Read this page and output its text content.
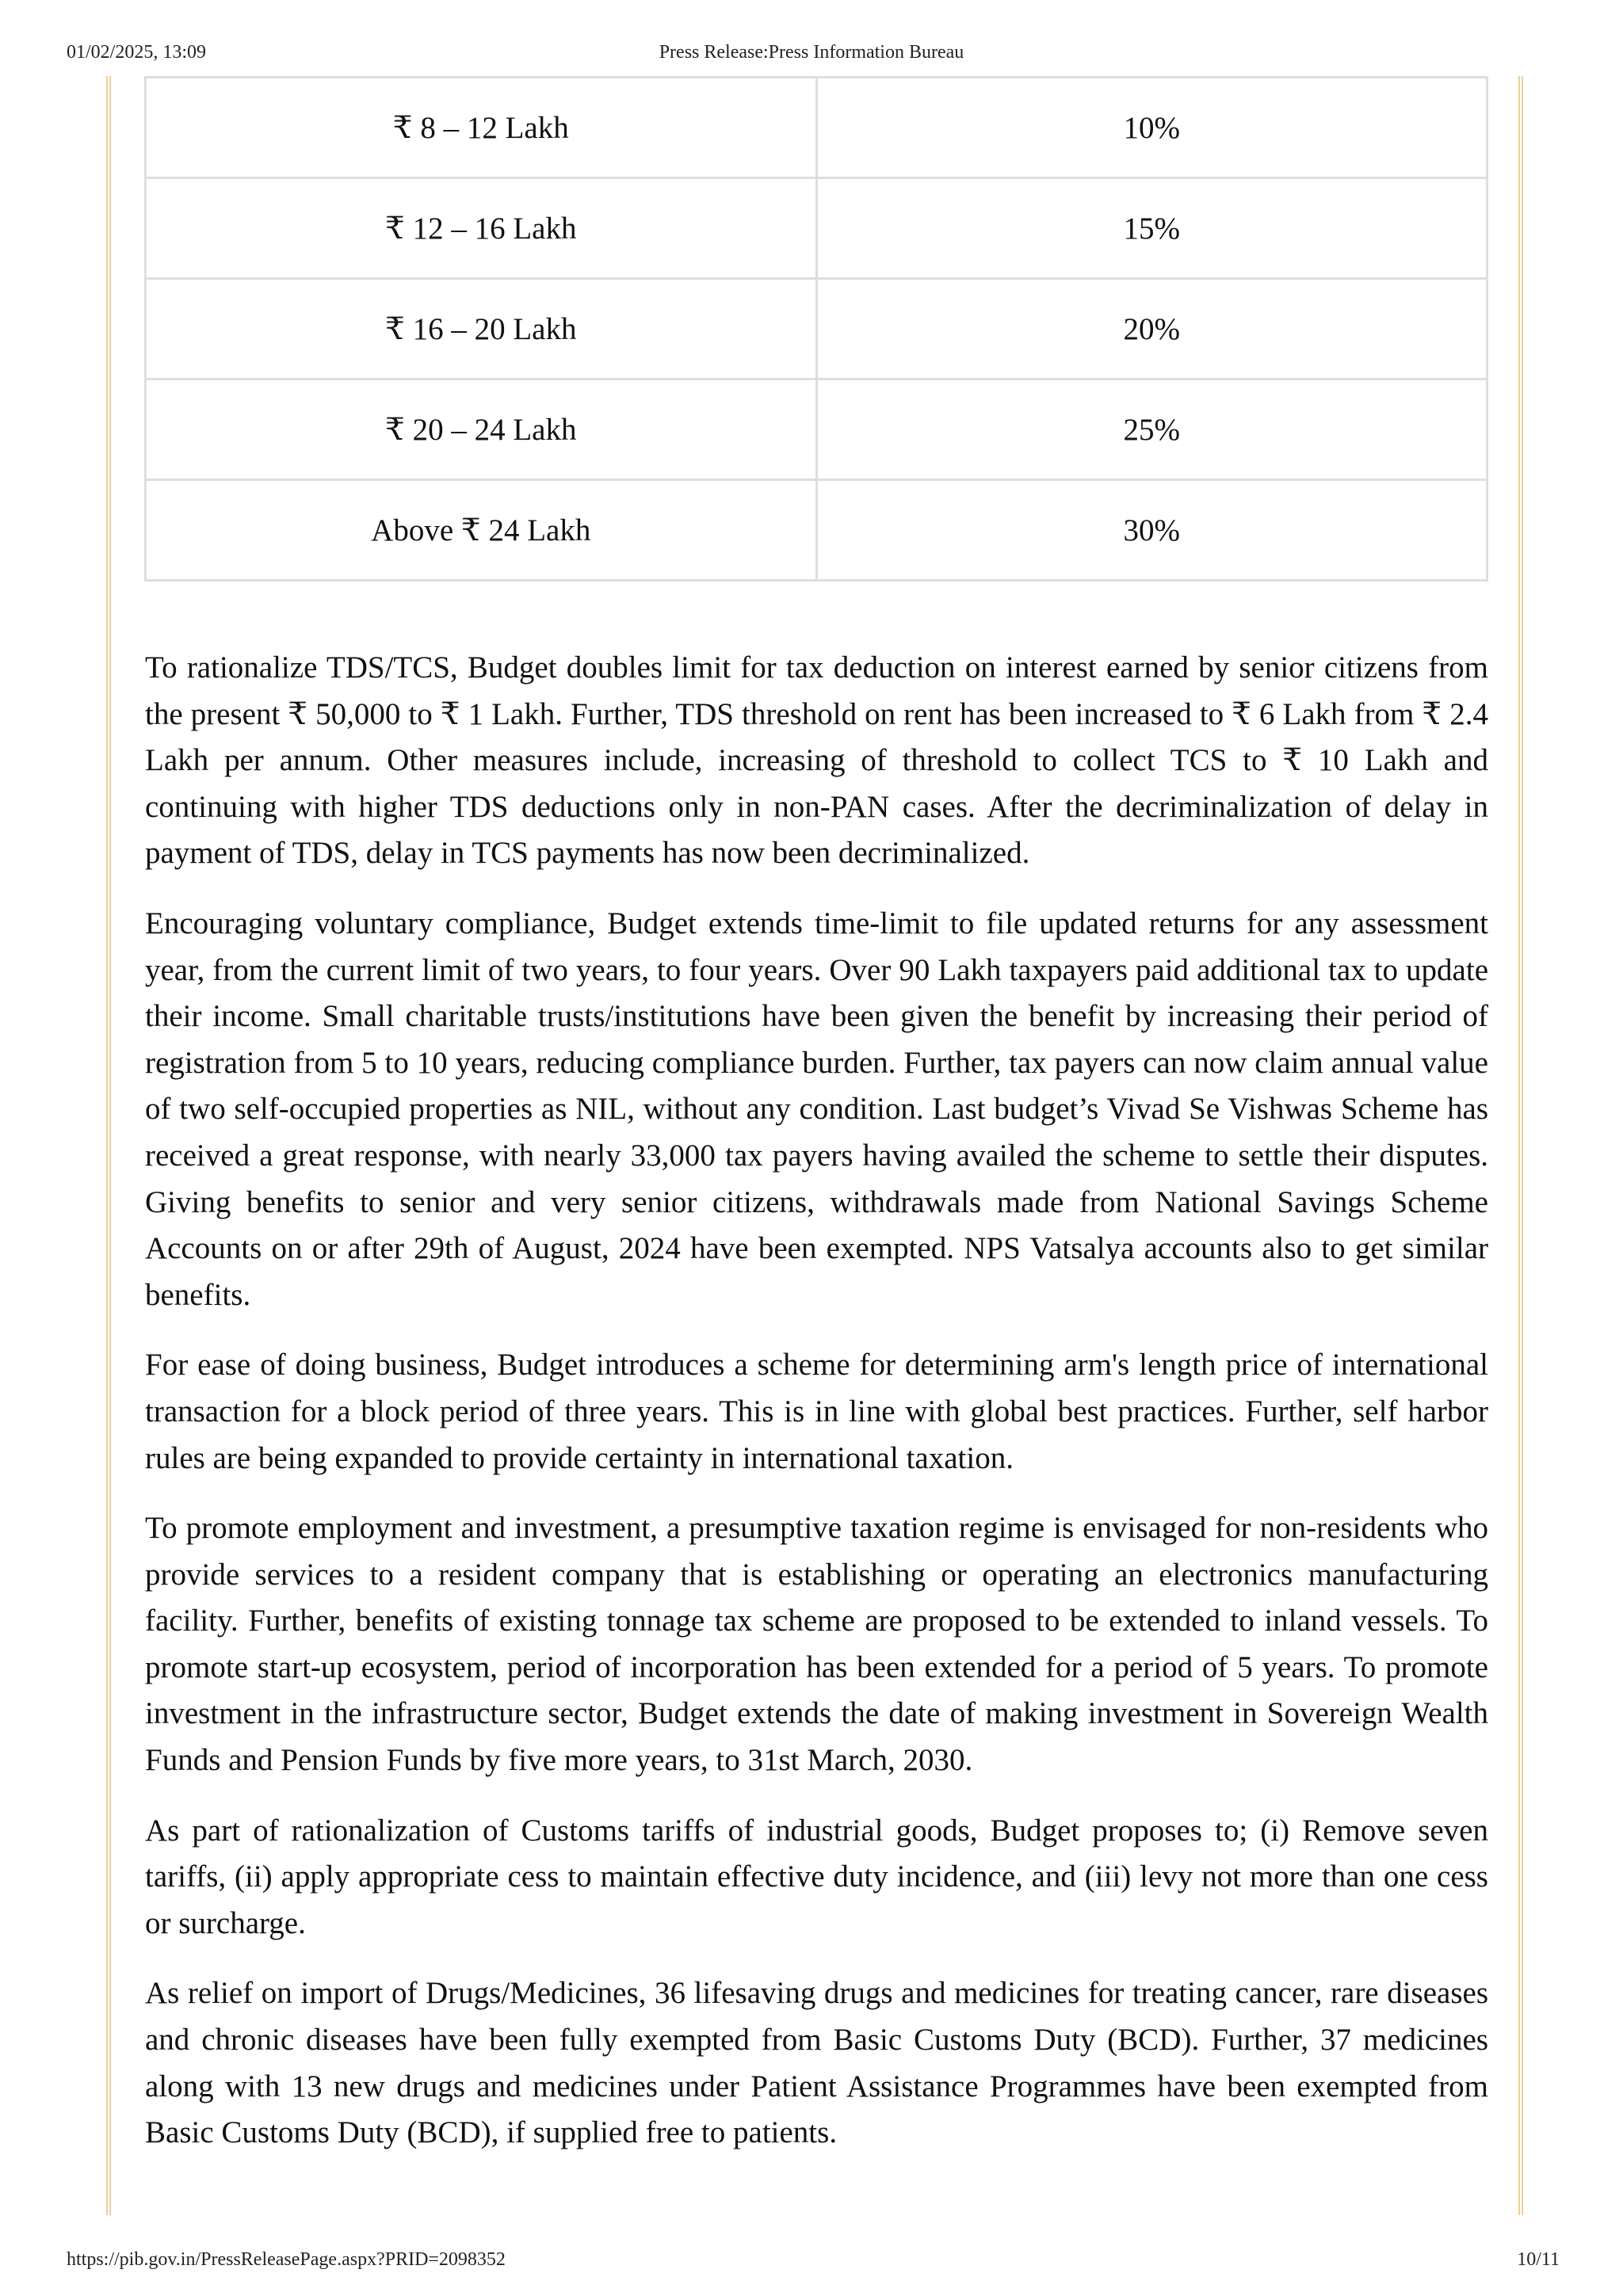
Press Release:Press Information Bureau
01/02/2025, 13:09
₹ 8 – 12 Lakh	10%
₹ 12 – 16 Lakh	15%
₹ 16 – 20 Lakh	20%
₹ 20 – 24 Lakh	25%
Above ₹ 24 Lakh	30%

To rationalize TDS/TCS, Budget doubles limit for tax deduction on interest earned by senior citizens from the present ₹ 50,000 to ₹ 1 Lakh. Further, TDS threshold on rent has been increased to ₹ 6 Lakh from ₹ 2.4 Lakh per annum. Other measures include, increasing of threshold to collect TCS to ₹ 10 Lakh and continuing with higher TDS deductions only in non-PAN cases. After the decriminalization of delay in payment of TDS, delay in TCS payments has now been decriminalized.

Encouraging voluntary compliance, Budget extends time-limit to file updated returns for any assessment year, from the current limit of two years, to four years. Over 90 Lakh taxpayers paid additional tax to update their income. Small charitable trusts/institutions have been given the benefit by increasing their period of registration from 5 to 10 years, reducing compliance burden. Further, tax payers can now claim annual value of two self-occupied properties as NIL, without any condition. Last budget’s Vivad Se Vishwas Scheme has received a great response, with nearly 33,000 tax payers having availed the scheme to settle their disputes. Giving benefits to senior and very senior citizens, withdrawals made from National Savings Scheme Accounts on or after 29th of August, 2024 have been exempted. NPS Vatsalya accounts also to get similar benefits.

For ease of doing business, Budget introduces a scheme for determining arm's length price of international transaction for a block period of three years. This is in line with global best practices. Further, self harbor rules are being expanded to provide certainty in international taxation.

To promote employment and investment, a presumptive taxation regime is envisaged for non-residents who provide services to a resident company that is establishing or operating an electronics manufacturing facility. Further, benefits of existing tonnage tax scheme are proposed to be extended to inland vessels. To promote start-up ecosystem, period of incorporation has been extended for a period of 5 years. To promote investment in the infrastructure sector, Budget extends the date of making investment in Sovereign Wealth Funds and Pension Funds by five more years, to 31st March, 2030.

As part of rationalization of Customs tariffs of industrial goods, Budget proposes to; (i) Remove seven tariffs, (ii) apply appropriate cess to maintain effective duty incidence, and (iii) levy not more than one cess or surcharge.

As relief on import of Drugs/Medicines, 36 lifesaving drugs and medicines for treating cancer, rare diseases and chronic diseases have been fully exempted from Basic Customs Duty (BCD). Further, 37 medicines along with 13 new drugs and medicines under Patient Assistance Programmes have been exempted from Basic Customs Duty (BCD), if supplied free to patients.

https://pib.gov.in/PressReleasePage.aspx?PRID=2098352	10/11
